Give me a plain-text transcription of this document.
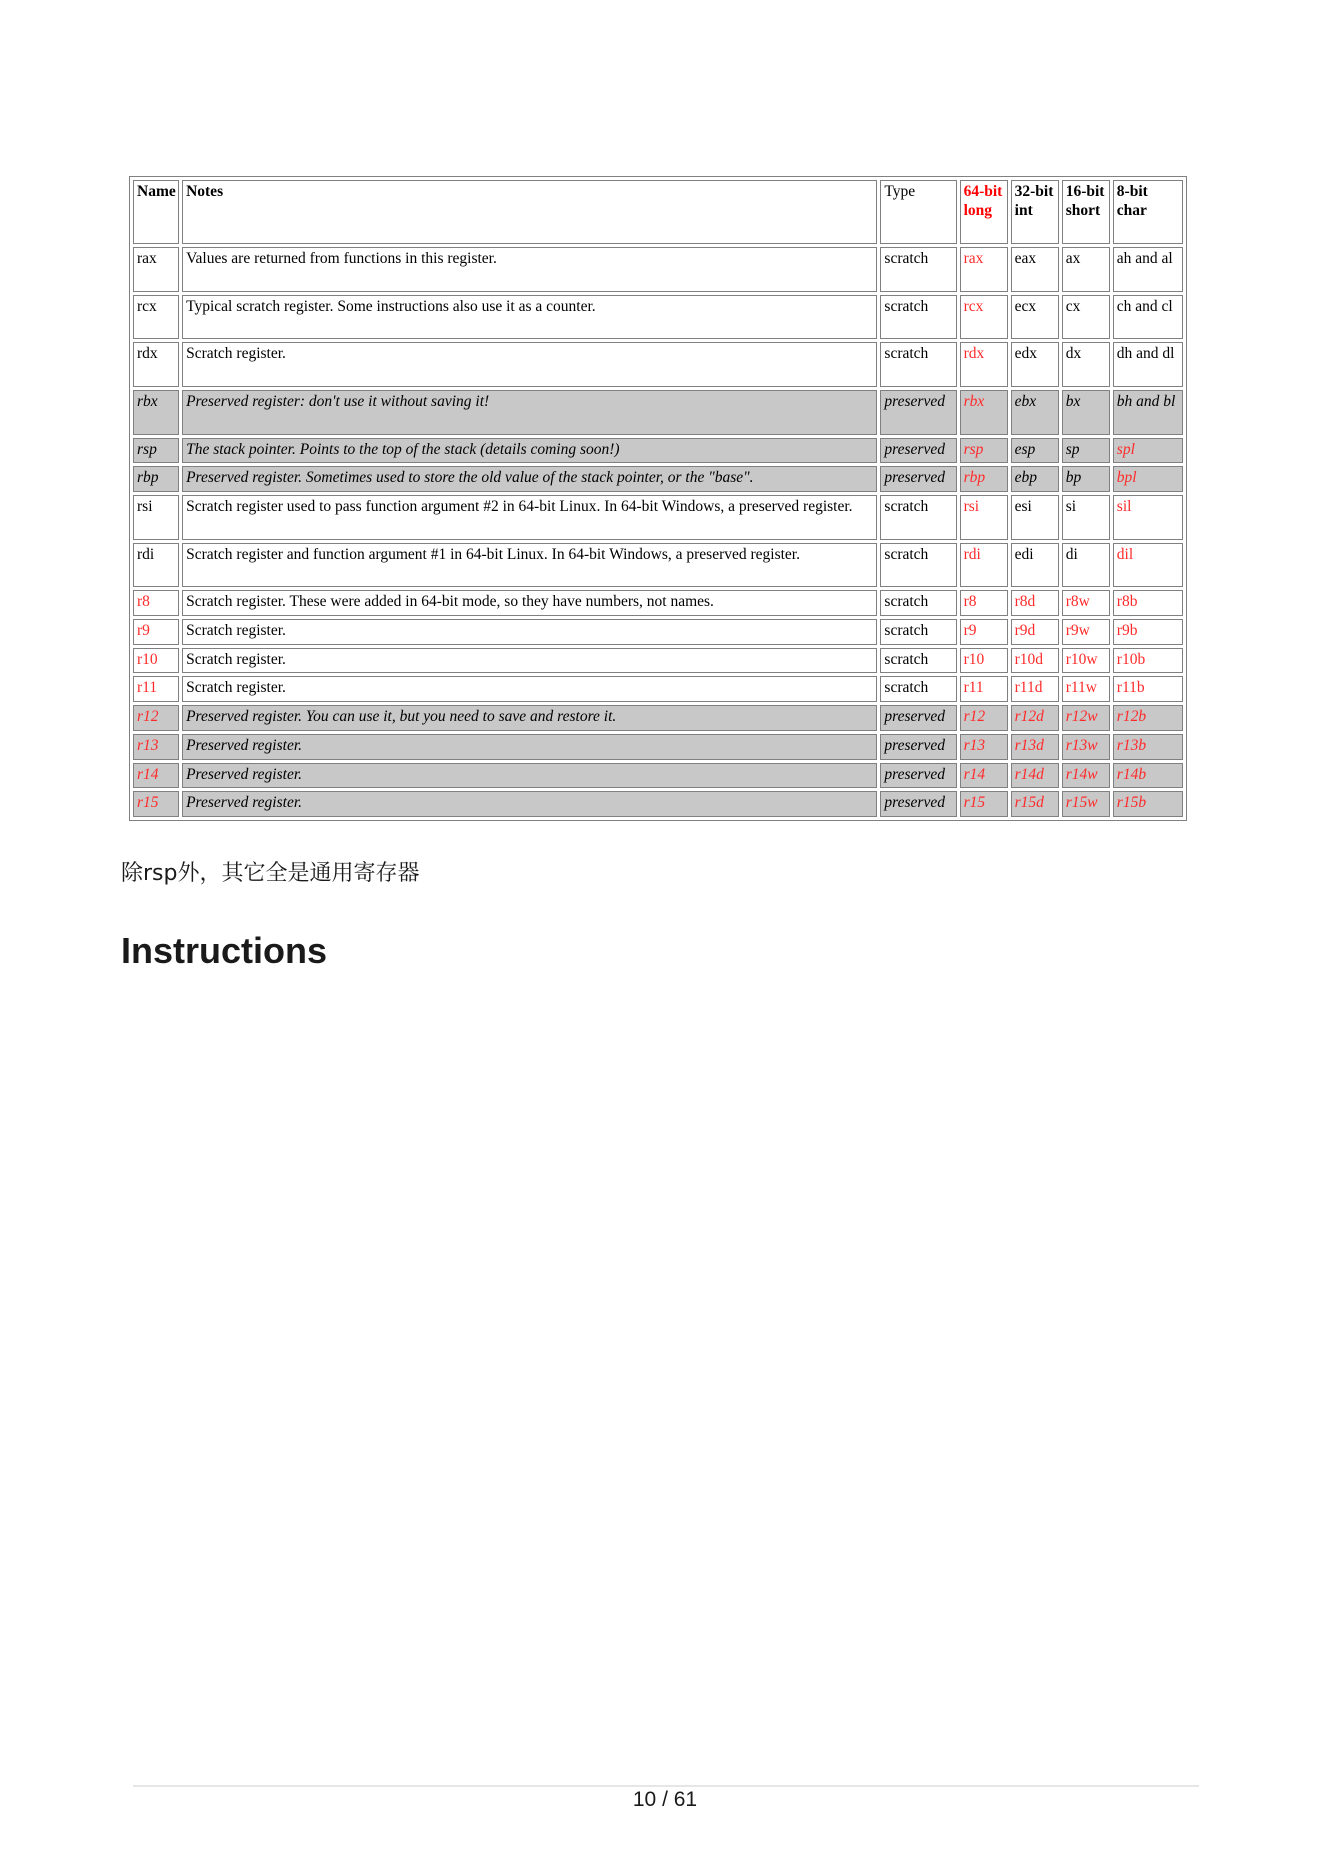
Name	Notes	Type	64-bit long	32-bit int	16-bit short	8-bit char
rax	Values are returned from functions in this register.	scratch	rax	eax	ax	ah and al
rcx	Typical scratch register. Some instructions also use it as a counter.	scratch	rcx	ecx	cx	ch and cl
rdx	Scratch register.	scratch	rdx	edx	dx	dh and dl
rbx	Preserved register: don't use it without saving it!	preserved	rbx	ebx	bx	bh and bl
rsp	The stack pointer. Points to the top of the stack (details coming soon!)	preserved	rsp	esp	sp	spl
rbp	Preserved register. Sometimes used to store the old value of the stack pointer, or the "base".	preserved	rbp	ebp	bp	bpl
rsi	Scratch register used to pass function argument #2 in 64-bit Linux. In 64-bit Windows, a preserved register.	scratch	rsi	esi	si	sil
rdi	Scratch register and function argument #1 in 64-bit Linux. In 64-bit Windows, a preserved register.	scratch	rdi	edi	di	dil
r8	Scratch register. These were added in 64-bit mode, so they have numbers, not names.	scratch	r8	r8d	r8w	r8b
r9	Scratch register.	scratch	r9	r9d	r9w	r9b
r10	Scratch register.	scratch	r10	r10d	r10w	r10b
r11	Scratch register.	scratch	r11	r11d	r11w	r11b
r12	Preserved register. You can use it, but you need to save and restore it.	preserved	r12	r12d	r12w	r12b
r13	Preserved register.	preserved	r13	r13d	r13w	r13b
r14	Preserved register.	preserved	r14	r14d	r14w	r14b
r15	Preserved register.	preserved	r15	r15d	r15w	r15b
除rsp外，其它全是通用寄存器
Instructions
10 / 61
